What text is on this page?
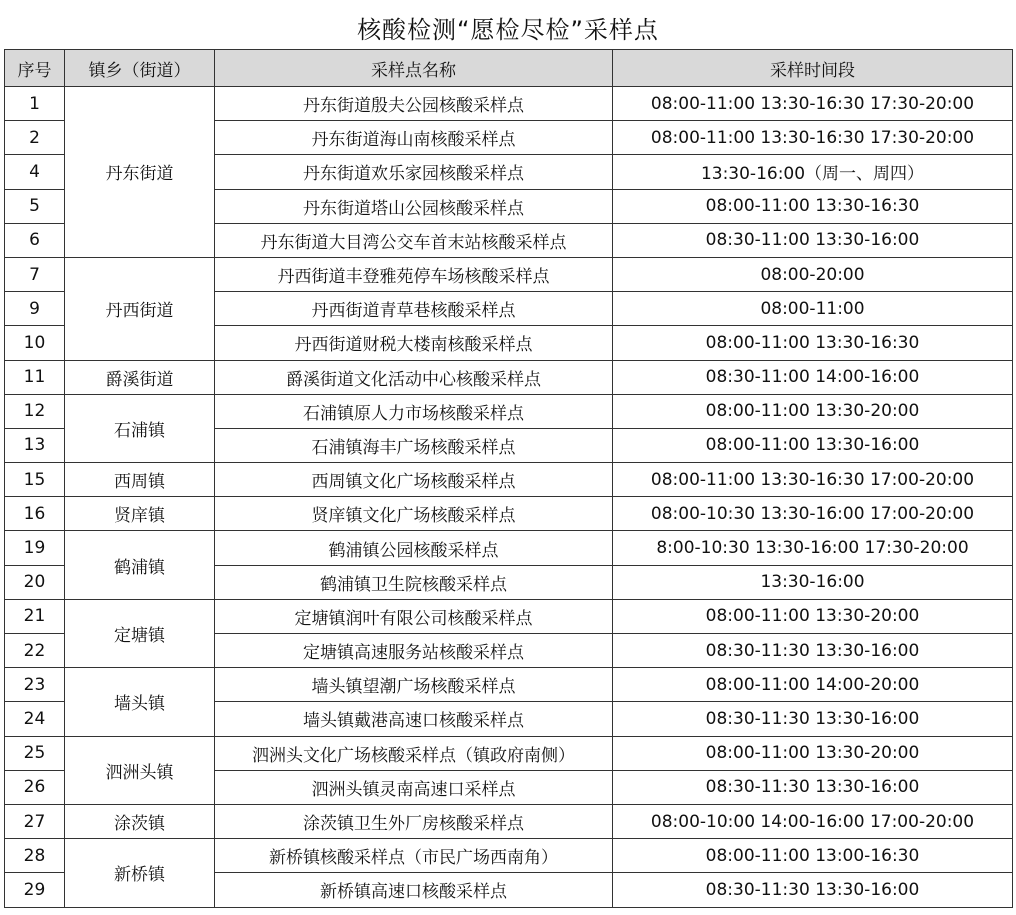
核酸检测“愿检尽检”采样点
序号	镇乡（街道）	采样点名称	采样时间段
1	丹东街道	丹东街道殷夫公园核酸采样点	08:00-11:00 13:30-16:30 17:30-20:00
2		丹东街道海山南核酸采样点	08:00-11:00 13:30-16:30 17:30-20:00
4		丹东街道欢乐家园核酸采样点	13:30-16:00（周一、周四）
5		丹东街道塔山公园核酸采样点	08:00-11:00 13:30-16:30
6		丹东街道大目湾公交车首末站核酸采样点	08:30-11:00 13:30-16:00
7	丹西街道	丹西街道丰登雅苑停车场核酸采样点	08:00-20:00
9		丹西街道青草巷核酸采样点	08:00-11:00
10		丹西街道财税大楼南核酸采样点	08:00-11:00 13:30-16:30
11	爵溪街道	爵溪街道文化活动中心核酸采样点	08:30-11:00 14:00-16:00
12	石浦镇	石浦镇原人力市场核酸采样点	08:00-11:00 13:30-20:00
13		石浦镇海丰广场核酸采样点	08:00-11:00 13:30-16:00
15	西周镇	西周镇文化广场核酸采样点	08:00-11:00 13:30-16:30 17:00-20:00
16	贤庠镇	贤庠镇文化广场核酸采样点	08:00-10:30 13:30-16:00 17:00-20:00
19	鹤浦镇	鹤浦镇公园核酸采样点	8:00-10:30 13:30-16:00 17:30-20:00
20		鹤浦镇卫生院核酸采样点	13:30-16:00
21	定塘镇	定塘镇润叶有限公司核酸采样点	08:00-11:00 13:30-20:00
22		定塘镇高速服务站核酸采样点	08:30-11:30 13:30-16:00
23	墙头镇	墙头镇望潮广场核酸采样点	08:00-11:00 14:00-20:00
24		墙头镇戴港高速口核酸采样点	08:30-11:30 13:30-16:00
25	泗洲头镇	泗洲头文化广场核酸采样点（镇政府南侧）	08:00-11:00 13:30-20:00
26		泗洲头镇灵南高速口采样点	08:30-11:30 13:30-16:00
27	涂茨镇	涂茨镇卫生外厂房核酸采样点	08:00-10:00 14:00-16:00 17:00-20:00
28	新桥镇	新桥镇核酸采样点（市民广场西南角）	08:00-11:00 13:00-16:30
29		新桥镇高速口核酸采样点	08:30-11:30 13:30-16:00
